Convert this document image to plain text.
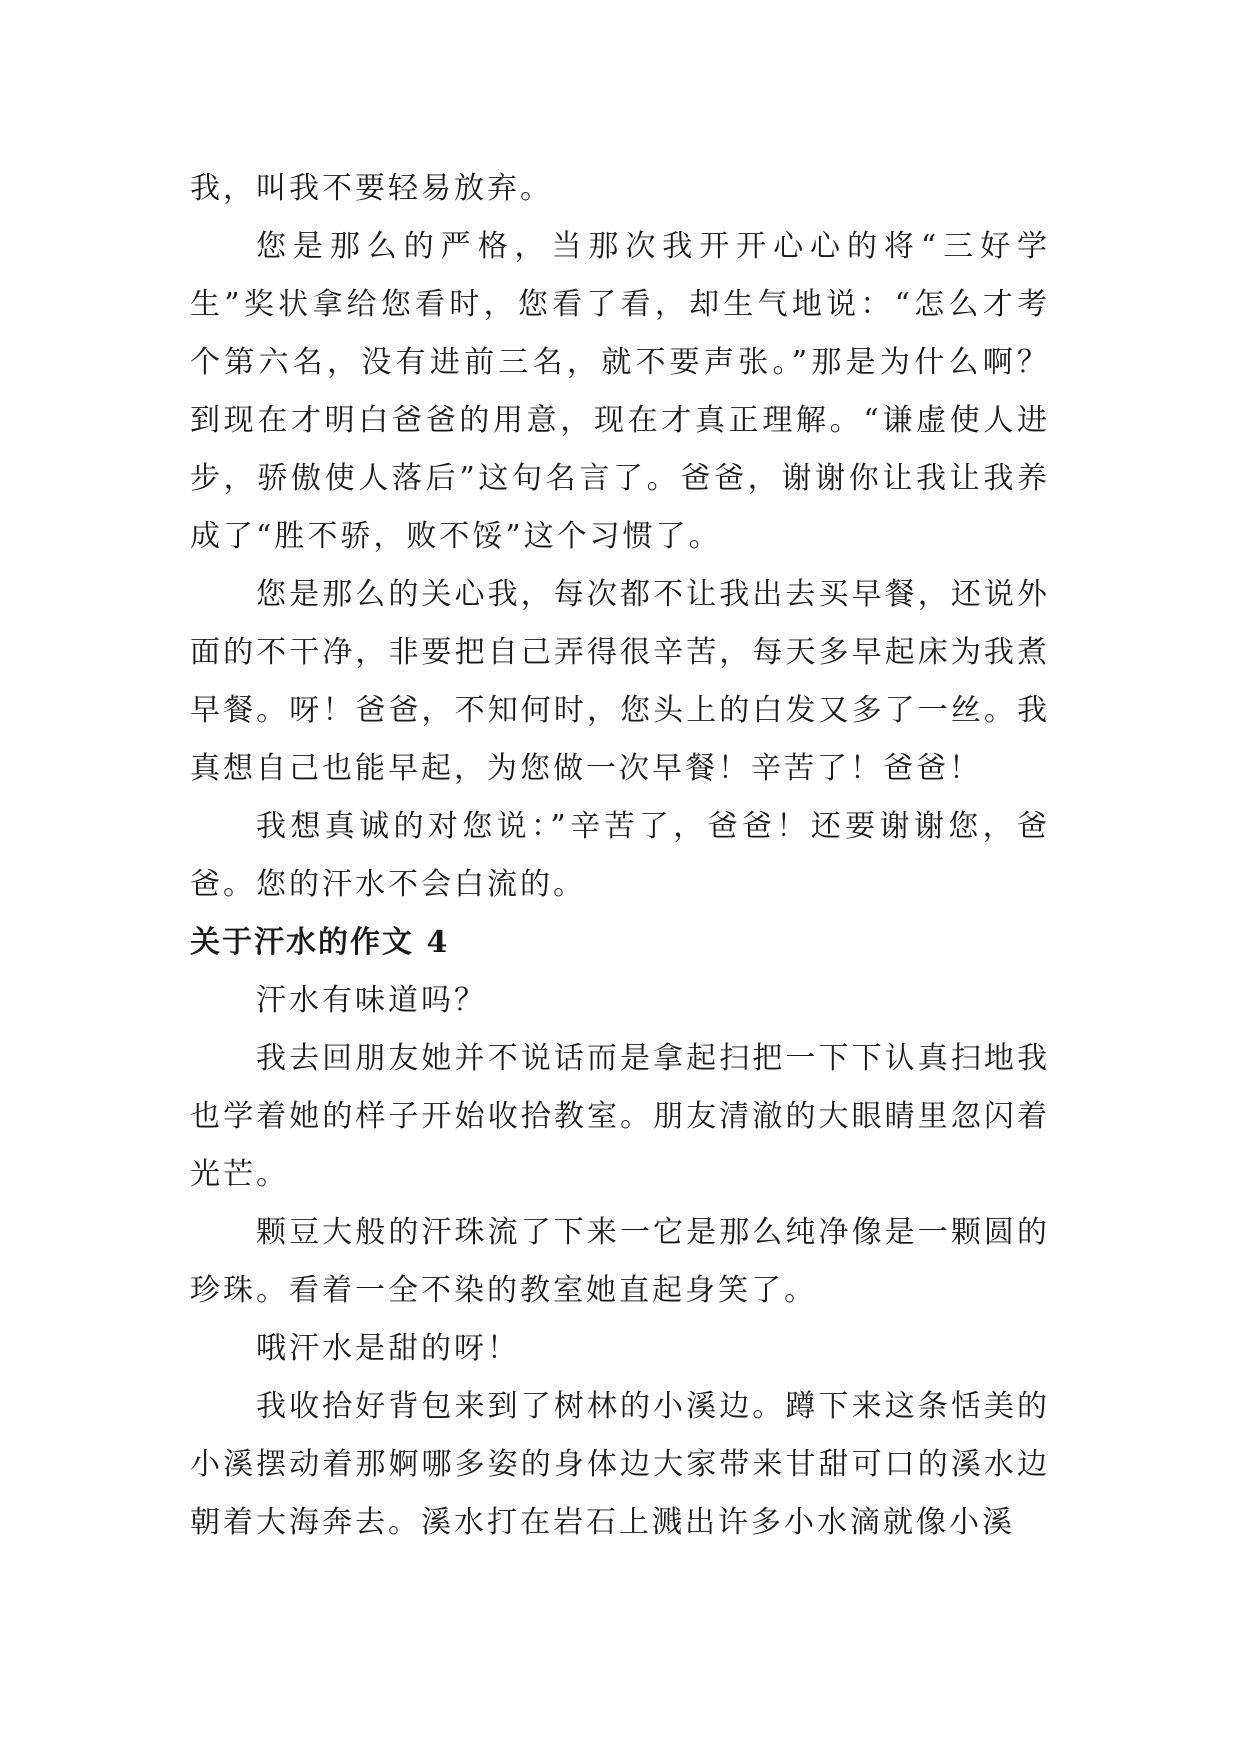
我，叫我不要轻易放弃。

您是那么的严格，当那次我开开心心的将“三好学生”奖状拿给您看时，您看了看，却生气地说：“怎么才考个第六名，没有进前三名，就不要声张。”那是为什么啊？到现在才明白爸爸的用意，现在才真正理解。“谦虚使人进步，骄傲使人落后”这句名言了。爸爸，谢谢你让我让我养成了“胜不骄，败不馁”这个习惯了。

您是那么的关心我，每次都不让我出去买早餐，还说外面的不干净，非要把自己弄得很辛苦，每天多早起床为我煮早餐。呀！爸爸，不知何时，您头上的白发又多了一丝。我真想自己也能早起，为您做一次早餐！辛苦了！爸爸！

我想真诚的对您说：”辛苦了，爸爸！还要谢谢您，爸爸。您的汗水不会白流的。

关于汗水的作文 4

汗水有味道吗？

我去回朋友她并不说话而是拿起扫把一下下认真扫地我也学着她的样子开始收拾教室。朋友清澈的大眼睛里忽闪着光芒。

颗豆大般的汗珠流了下来一它是那么纯净像是一颗圆的珍珠。看着一全不染的教室她直起身笑了。

哦汗水是甜的呀！

我收拾好背包来到了树林的小溪边。蹲下来这条恬美的小溪摆动着那婀哪多姿的身体边大家带来甘甜可口的溪水边朝着大海奔去。溪水打在岩石上溅出许多小水滴就像小溪
